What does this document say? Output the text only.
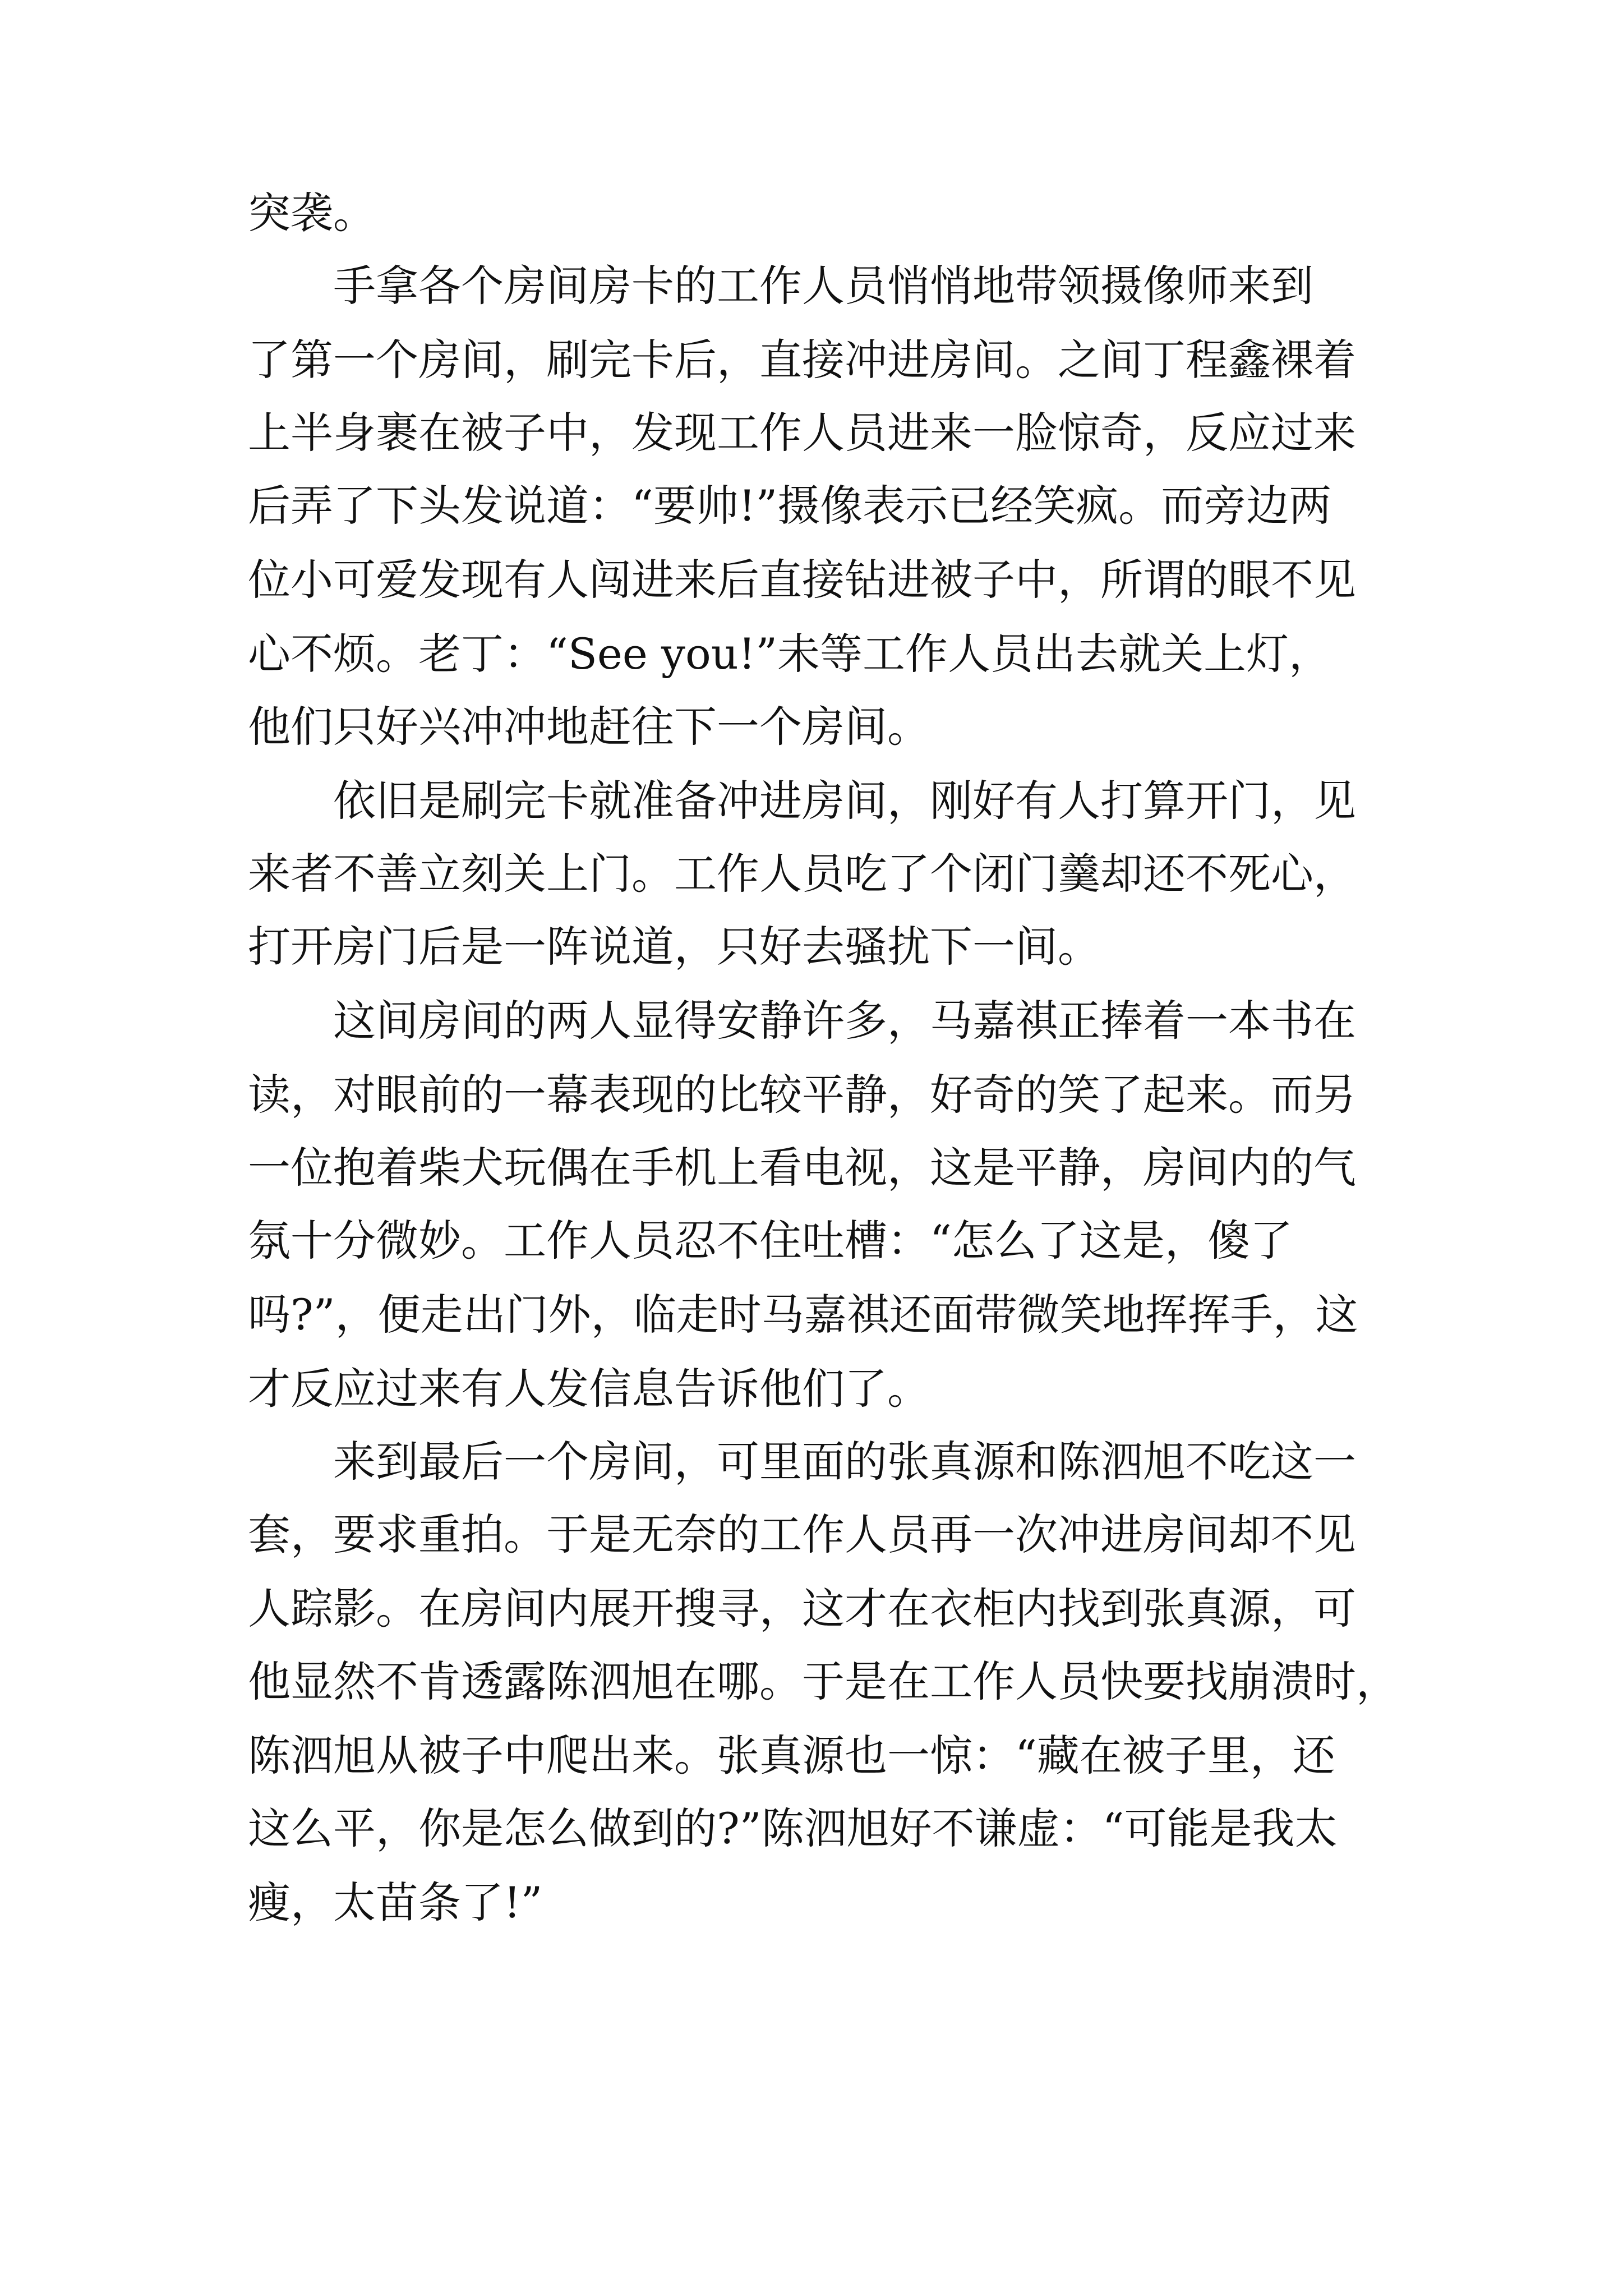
突袭。
手拿各个房间房卡的工作人员悄悄地带领摄像师来到
了第一个房间，刷完卡后，直接冲进房间。之间丁程鑫裸着
上半身裹在被子中，发现工作人员进来一脸惊奇，反应过来
后弄了下头发说道：“要帅!”摄像表示已经笑疯。而旁边两
位小可爱发现有人闯进来后直接钻进被子中，所谓的眼不见
心不烦。老丁：“See you!”未等工作人员出去就关上灯，
他们只好兴冲冲地赶往下一个房间。
依旧是刷完卡就准备冲进房间，刚好有人打算开门，见
来者不善立刻关上门。工作人员吃了个闭门羹却还不死心，
打开房门后是一阵说道，只好去骚扰下一间。
这间房间的两人显得安静许多，马嘉祺正捧着一本书在
读，对眼前的一幕表现的比较平静，好奇的笑了起来。而另
一位抱着柴犬玩偶在手机上看电视，这是平静，房间内的气
氛十分微妙。工作人员忍不住吐槽：“怎么了这是，傻了
吗?”，便走出门外，临走时马嘉祺还面带微笑地挥挥手，这
才反应过来有人发信息告诉他们了。
来到最后一个房间，可里面的张真源和陈泗旭不吃这一
套，要求重拍。于是无奈的工作人员再一次冲进房间却不见
人踪影。在房间内展开搜寻，这才在衣柜内找到张真源，可
他显然不肯透露陈泗旭在哪。于是在工作人员快要找崩溃时，
陈泗旭从被子中爬出来。张真源也一惊：“藏在被子里，还
这么平，你是怎么做到的?”陈泗旭好不谦虚：“可能是我太
瘦，太苗条了!”
